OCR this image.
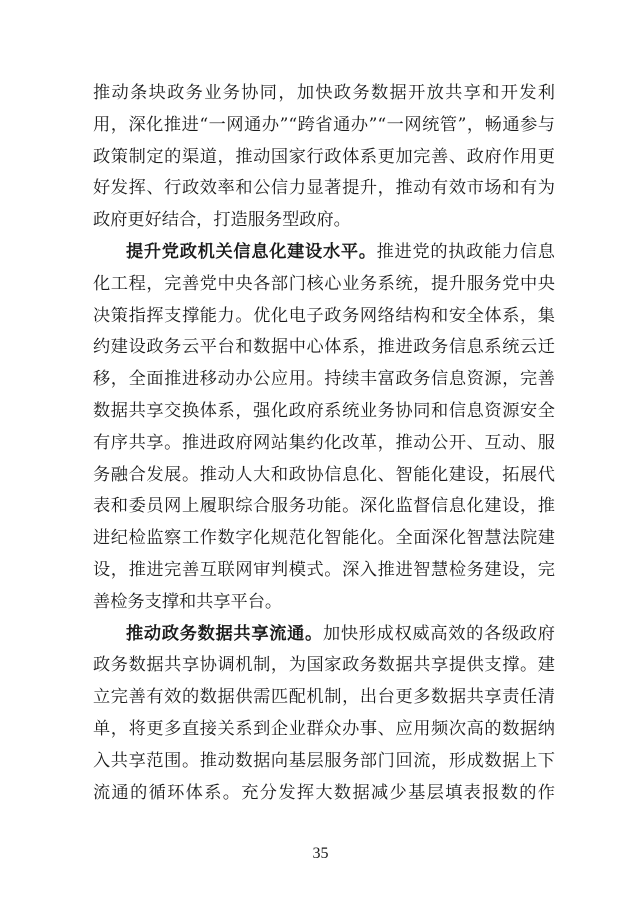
推动条块政务业务协同，加快政务数据开放共享和开发利
用，深化推进“一网通办”“跨省通办”“一网统管”，畅通参与
政策制定的渠道，推动国家行政体系更加完善、政府作用更
好发挥、行政效率和公信力显著提升，推动有效市场和有为
政府更好结合，打造服务型政府。
提升党政机关信息化建设水平。推进党的执政能力信息
化工程，完善党中央各部门核心业务系统，提升服务党中央
决策指挥支撑能力。优化电子政务网络结构和安全体系，集
约建设政务云平台和数据中心体系，推进政务信息系统云迁
移，全面推进移动办公应用。持续丰富政务信息资源，完善
数据共享交换体系，强化政府系统业务协同和信息资源安全
有序共享。推进政府网站集约化改革，推动公开、互动、服
务融合发展。推动人大和政协信息化、智能化建设，拓展代
表和委员网上履职综合服务功能。深化监督信息化建设，推
进纪检监察工作数字化规范化智能化。全面深化智慧法院建
设，推进完善互联网审判模式。深入推进智慧检务建设，完
善检务支撑和共享平台。
推动政务数据共享流通。加快形成权威高效的各级政府
政务数据共享协调机制，为国家政务数据共享提供支撑。建
立完善有效的数据供需匹配机制，出台更多数据共享责任清
单，将更多直接关系到企业群众办事、应用频次高的数据纳
入共享范围。推动数据向基层服务部门回流，形成数据上下
流通的循环体系。充分发挥大数据减少基层填表报数的作
35
